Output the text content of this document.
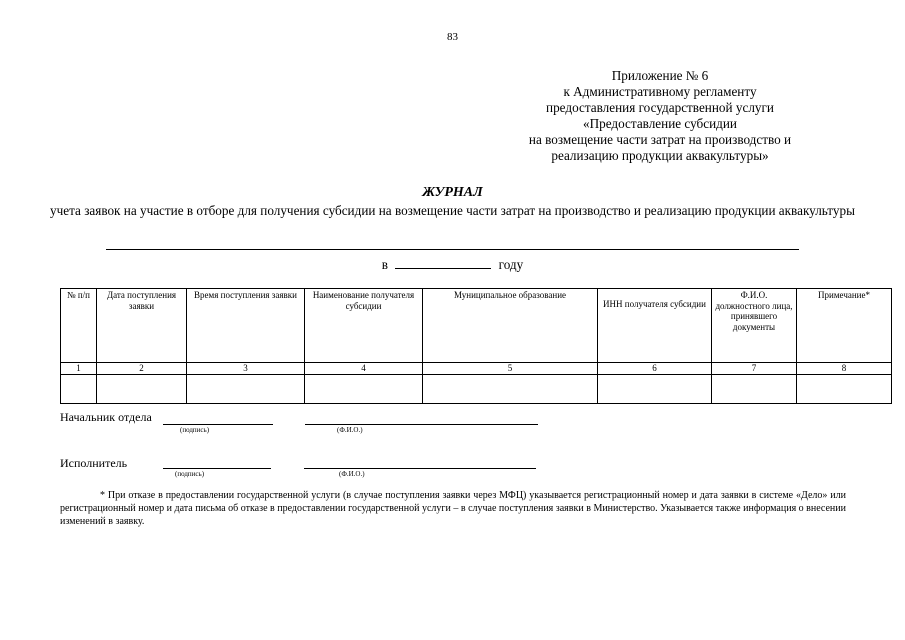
83
Приложение № 6
к Административному регламенту
предоставления государственной услуги
«Предоставление субсидии
на возмещение части затрат на производство и
реализацию продукции аквакультуры»
ЖУРНАЛ
учета заявок на участие в отборе для получения субсидии на возмещение части затрат на производство и реализацию продукции аквакультуры
в	году
№ п/п	Дата поступления заявки	Время поступления заявки	Наименование получателя субсидии	Муниципальное образование	ИНН получателя субсидии	Ф.И.О. должностного лица, принявшего документы	Примечание*
1	2	3	4	5	6	7	8

Начальник отдела
(подпись)	(Ф.И.О.)
Исполнитель
(подпись)	(Ф.И.О.)

* При отказе в предоставлении государственной услуги (в случае поступления заявки через МФЦ) указывается регистрационный номер и дата заявки в системе «Дело» или регистрационный номер и дата письма об отказе в предоставлении государственной услуги – в случае поступления заявки в Министерство. Указывается также информация о внесении изменений в заявку.
